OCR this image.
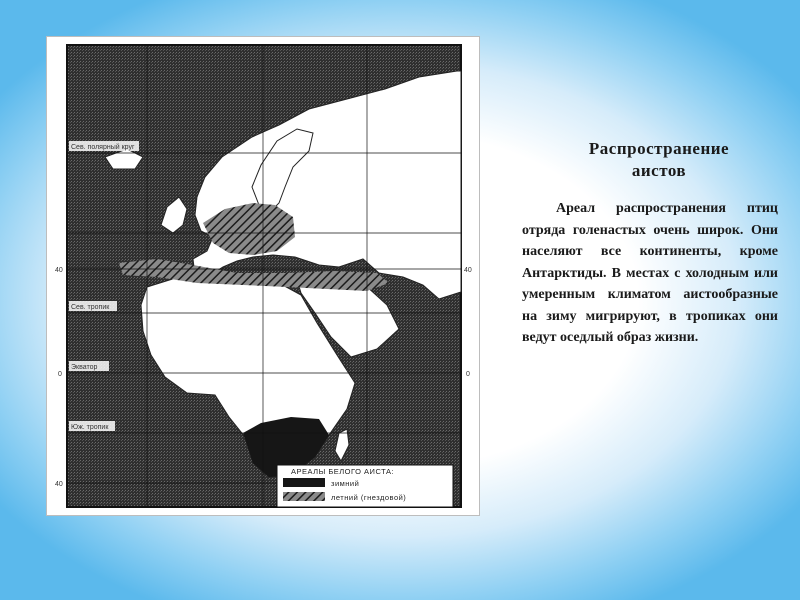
Сев. полярный круг
Сев. тропик
Экватор
Юж. тропик
40	40
0	0
40
АРЕАЛЫ БЕЛОГО АИСТА:
зимний
летний (гнездовой)
Распространение
аистов
Ареал распространения птиц отряда голенастых очень широк. Они населяют все континенты, кроме Антарктиды. В местах с холодным или умеренным климатом аистообразные на зиму мигрируют, в тропиках они ведут оседлый образ жизни.
